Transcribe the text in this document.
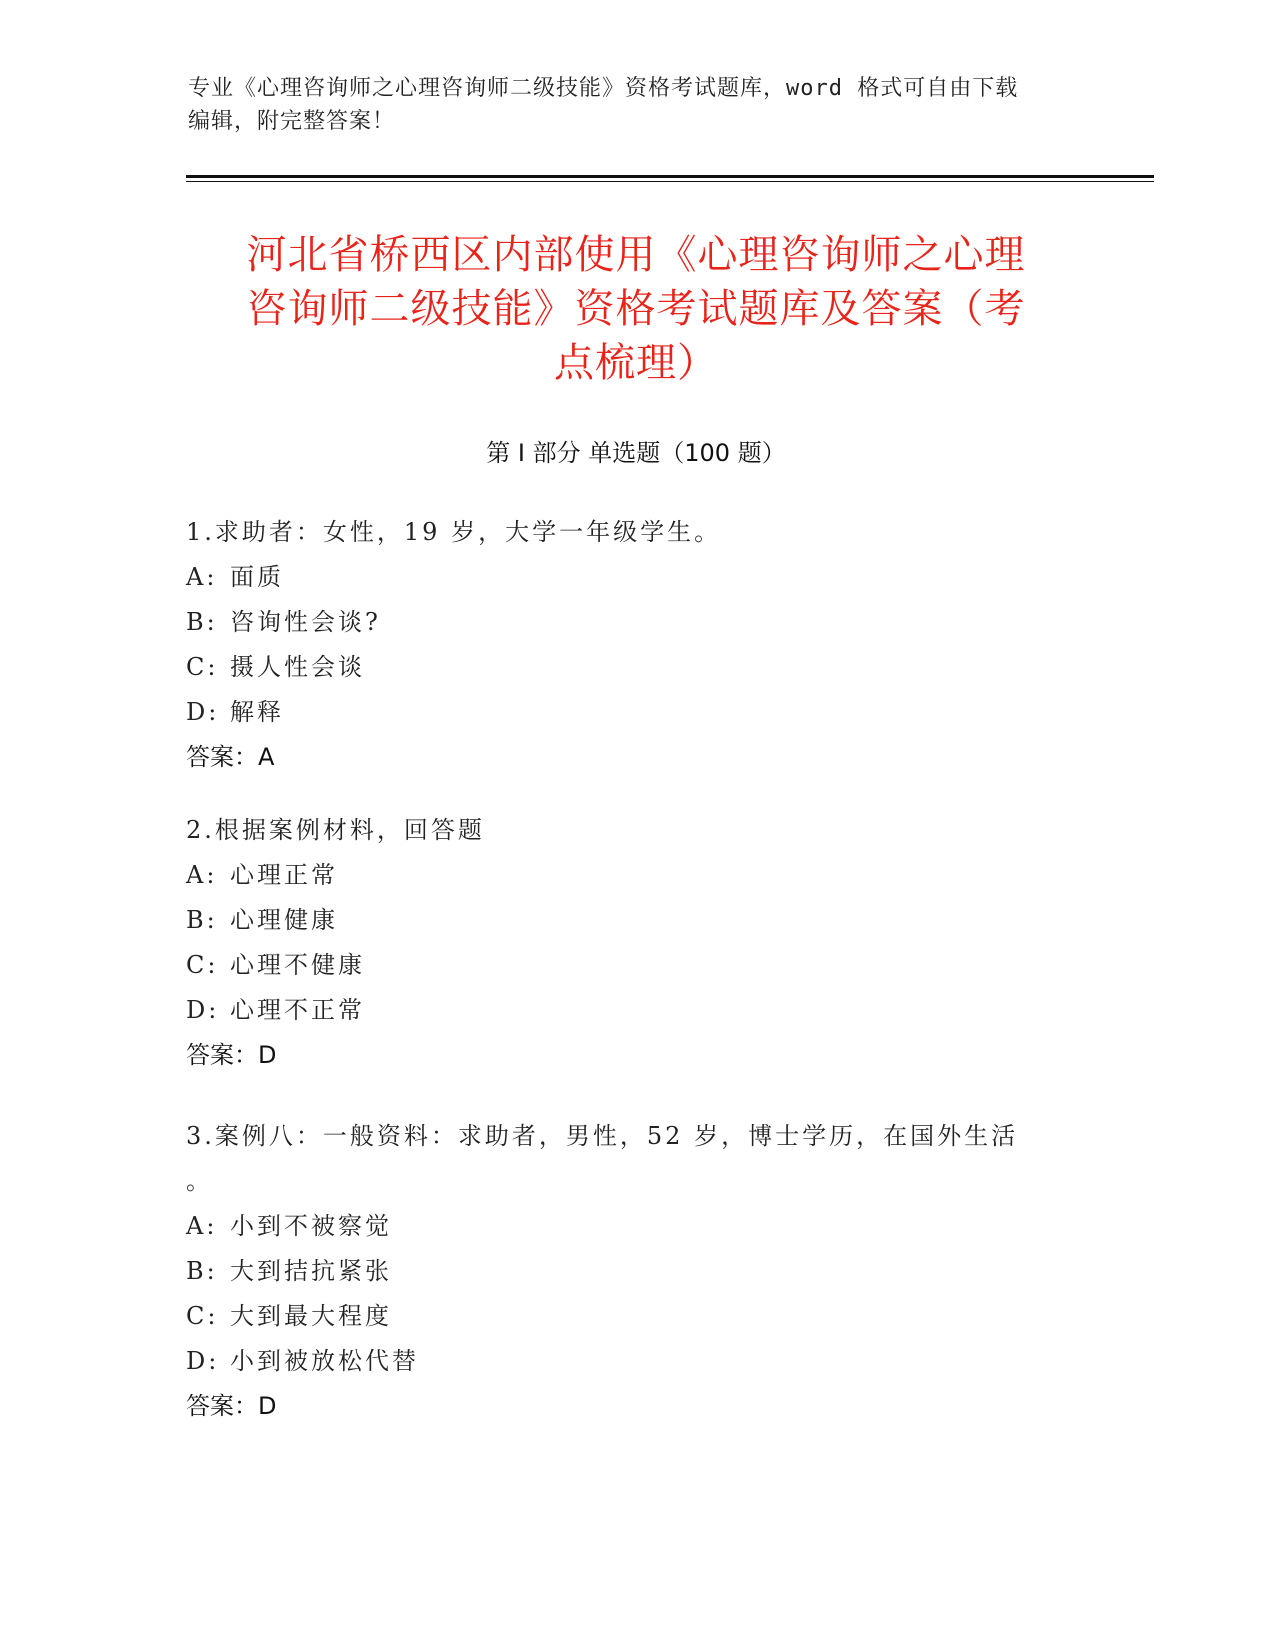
专业《心理咨询师之心理咨询师二级技能》资格考试题库，word 格式可自由下载
编辑，附完整答案！
河北省桥西区内部使用《心理咨询师之心理
咨询师二级技能》资格考试题库及答案（考
点梳理）
第 I 部分 单选题（100 题）

1.求助者：女性，19 岁，大学一年级学生。

A: 面质

B: 咨询性会谈?

C: 摄人性会谈

D: 解释

答案：A

2.根据案例材料，回答题

A: 心理正常

B: 心理健康

C: 心理不健康

D: 心理不正常

答案：D

3.案例八：一般资料：求助者，男性，52 岁，博士学历，在国外生活

。

A: 小到不被察觉

B: 大到拮抗紧张

C: 大到最大程度

D: 小到被放松代替

答案：D
